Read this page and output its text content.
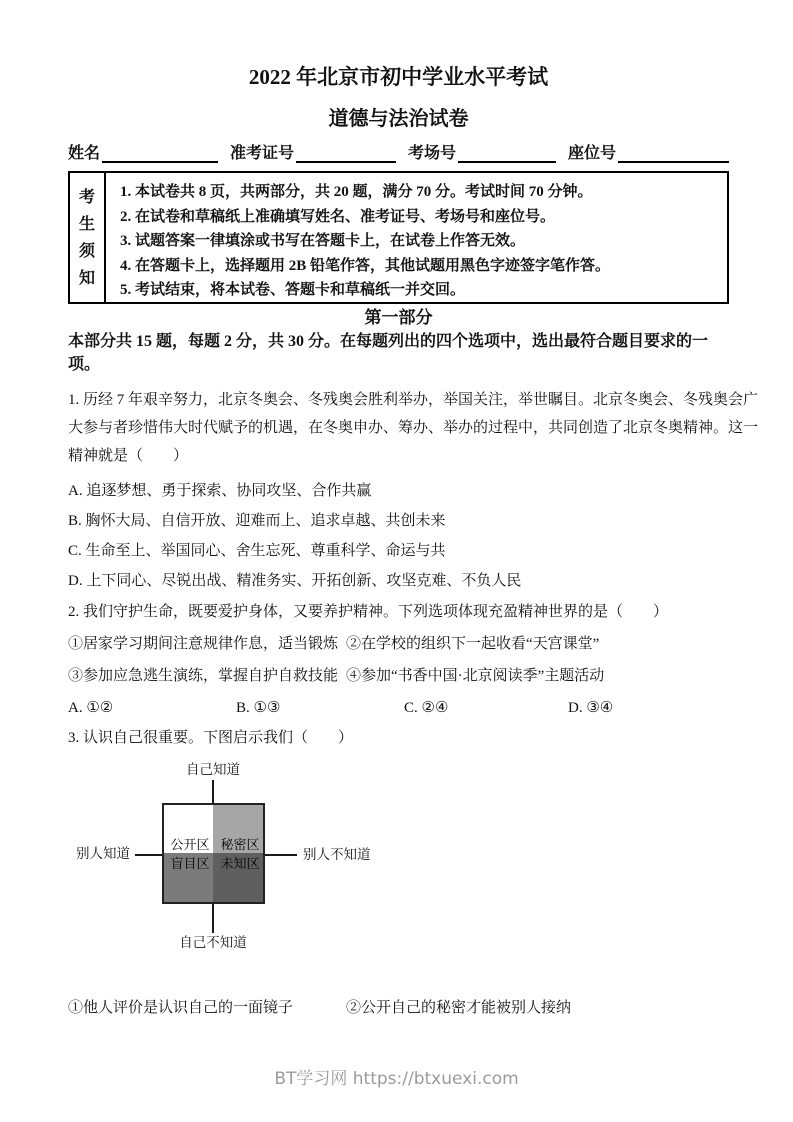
2022 年北京市初中学业水平考试
道德与法治试卷
姓名	准考证号	考场号	座位号
考生须知
1. 本试卷共 8 页，共两部分，共 20 题，满分 70 分。考试时间 70 分钟。
2. 在试卷和草稿纸上准确填写姓名、准考证号、考场号和座位号。
3. 试题答案一律填涂或书写在答题卡上，在试卷上作答无效。
4. 在答题卡上，选择题用 2B 铅笔作答，其他试题用黑色字迹签字笔作答。
5. 考试结束，将本试卷、答题卡和草稿纸一并交回。
第一部分
本部分共 15 题，每题 2 分，共 30 分。在每题列出的四个选项中，选出最符合题目要求的一
项。
1. 历经 7 年艰辛努力，北京冬奥会、冬残奥会胜利举办，举国关注，举世瞩目。北京冬奥会、冬残奥会广
大参与者珍惜伟大时代赋予的机遇，在冬奥申办、筹办、举办的过程中，共同创造了北京冬奥精神。这一
精神就是（　　）
A. 追逐梦想、勇于探索、协同攻坚、合作共赢
B. 胸怀大局、自信开放、迎难而上、追求卓越、共创未来
C. 生命至上、举国同心、舍生忘死、尊重科学、命运与共
D. 上下同心、尽锐出战、精准务实、开拓创新、攻坚克难、不负人民
2. 我们守护生命，既要爱护身体，又要养护精神。下列选项体现充盈精神世界的是（　　）
①居家学习期间注意规律作息，适当锻炼 ②在学校的组织下一起收看“天宫课堂”
③参加应急逃生演练，掌握自护自救技能 ④参加“书香中国·北京阅读季”主题活动
A. ①②	B. ①③	C. ②④	D. ③④
3. 认识自己很重要。下图启示我们（　　）
自己知道
公开区 秘密区
盲目区 未知区
别人知道	别人不知道
自己不知道
①他人评价是认识自己的一面镜子	②公开自己的秘密才能被别人接纳
BT学习网 https://btxuexi.com
